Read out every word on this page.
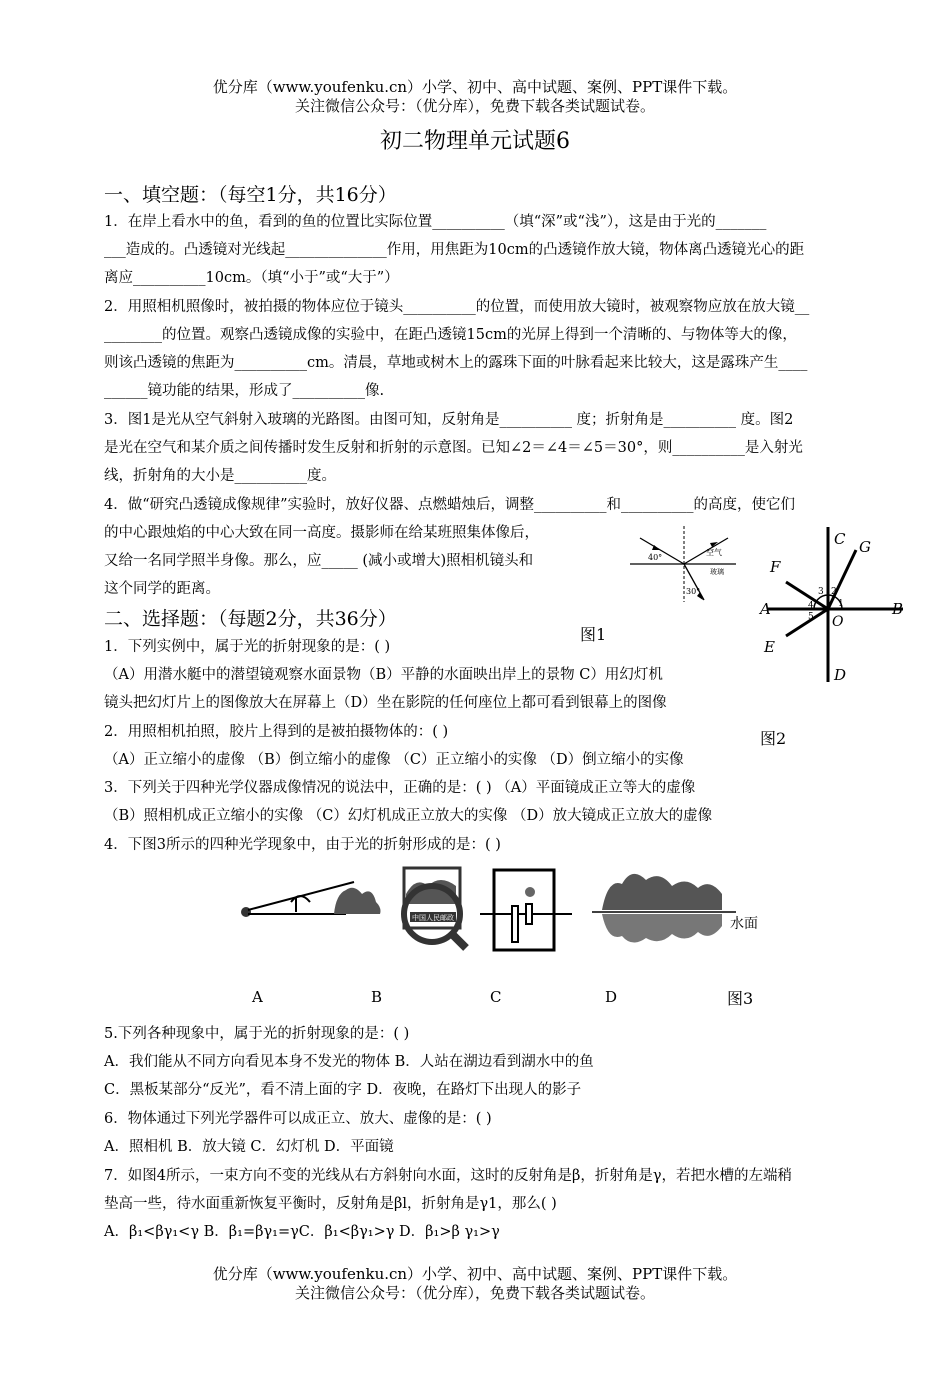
优分库（www.youfenku.cn）小学、初中、高中试题、案例、PPT课件下载。
关注微信公众号：（优分库），免费下载各类试题试卷。
初二物理单元试题6
一、填空题：（每空1分，共16分）
1．在岸上看水中的鱼，看到的鱼的位置比实际位置__________（填“深”或“浅”），这是由于光的_______
___造成的。凸透镜对光线起______________作用，用焦距为10cm的凸透镜作放大镜，物体离凸透镜光心的距
离应__________10cm。（填“小于”或“大于”）
2．用照相机照像时，被拍摄的物体应位于镜头__________的位置，而使用放大镜时，被观察物应放在放大镜__
________的位置。观察凸透镜成像的实验中，在距凸透镜15cm的光屏上得到一个清晰的、与物体等大的像，
则该凸透镜的焦距为__________cm。清晨，草地或树木上的露珠下面的叶脉看起来比较大，这是露珠产生____
______镜功能的结果，形成了__________像.
3．图1是光从空气斜射入玻璃的光路图。由图可知，反射角是__________ 度；折射角是__________ 度。图2
是光在空气和某介质之间传播时发生反射和折射的示意图。已知∠2＝∠4＝∠5＝30°，则__________是入射光
线，折射角的大小是__________度。
4．做“研究凸透镜成像规律”实验时，放好仪器、点燃蜡烛后，调整__________和__________的高度，使它们
的中心跟烛焰的中心大致在同一高度。摄影师在给某班照集体像后，
又给一名同学照半身像。那么，应_____ (减小或增大)照相机镜头和
这个同学的距离。
二、选择题：（每题2分，共36分）
1．下列实例中，属于光的折射现象的是：( )
（A）用潜水艇中的潜望镜观察水面景物（B）平静的水面映出岸上的景物 C）用幻灯机
镜头把幻灯片上的图像放大在屏幕上（D）坐在影院的任何座位上都可看到银幕上的图像
2．用照相机拍照，胶片上得到的是被拍摄物体的：( )
（A）正立缩小的虚像 （B）倒立缩小的虚像 （C）正立缩小的实像 （D）倒立缩小的实像
3．下列关于四种光学仪器成像情况的说法中，正确的是：( ) （A）平面镜成正立等大的虚像
（B）照相机成正立缩小的实像 （C）幻灯机成正立放大的实像 （D）放大镜成正立放大的虚像
4．下图3所示的四种光学现象中，由于光的折射形成的是：( )
5.下列各种现象中，属于光的折射现象的是：( )
A．我们能从不同方向看见本身不发光的物体 B．人站在湖边看到湖水中的鱼
C．黑板某部分“反光”，看不清上面的字 D．夜晚，在路灯下出现人的影子
6．物体通过下列光学器件可以成正立、放大、虚像的是：( )
A．照相机 B．放大镜 C．幻灯机 D．平面镜
7．如图4所示，一束方向不变的光线从右方斜射向水面，这时的反射角是β，折射角是γ，若把水槽的左端稍
垫高一些，待水面重新恢复平衡时，反射角是βl，折射角是γ1，那么( )
A．β₁<βγ₁<γ B．β₁=βγ₁=γC．β₁<βγ₁>γ D．β₁>β γ₁>γ
优分库（www.youfenku.cn）小学、初中、高中试题、案例、PPT课件下载。
关注微信公众号：（优分库），免费下载各类试题试卷。
40°
30°
空气
玻璃
图1
C G
F
A	B
E
D
O
1
2
3
4
5
图2
中国人民邮政	水面
A	B	C	D	图3
